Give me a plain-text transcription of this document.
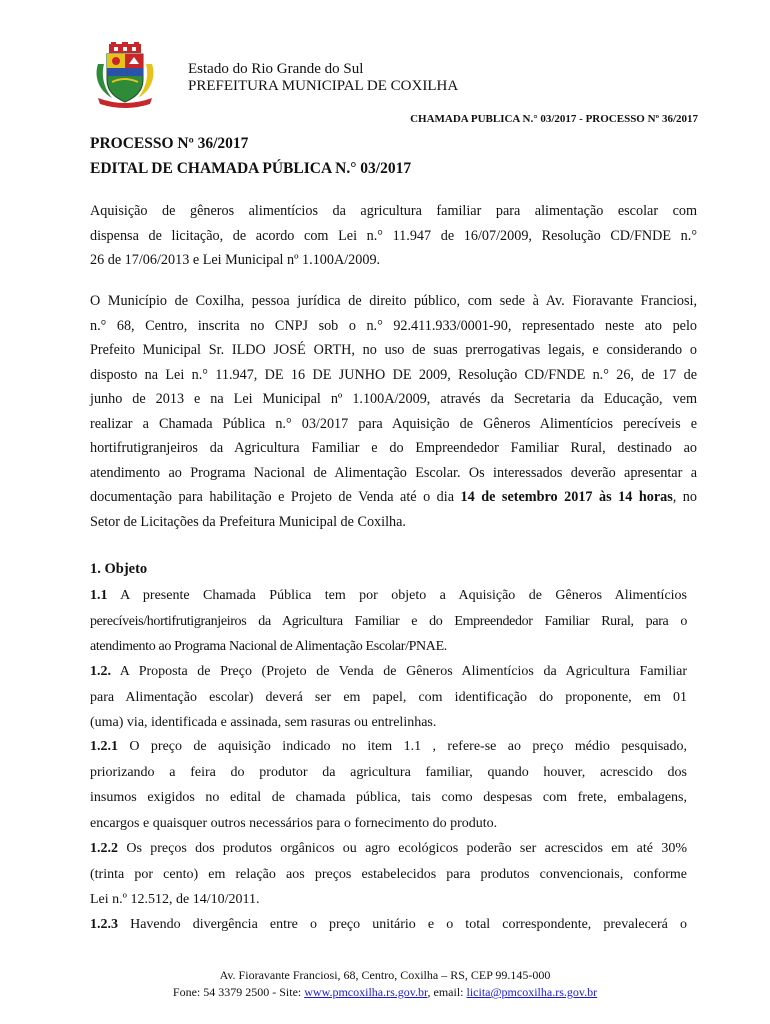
Estado do Rio Grande do Sul
PREFEITURA MUNICIPAL DE COXILHA
CHAMADA PUBLICA N.° 03/2017 - PROCESSO Nº 36/2017
PROCESSO Nº 36/2017
EDITAL DE CHAMADA PÚBLICA N.° 03/2017
Aquisição de gêneros alimentícios da agricultura familiar para alimentação escolar com
dispensa de licitação, de acordo com Lei n.° 11.947 de 16/07/2009, Resolução CD/FNDE n.°
26 de 17/06/2013 e Lei Municipal nº 1.100A/2009.
O Município de Coxilha, pessoa jurídica de direito público, com sede à Av. Fioravante Franciosi,
n.° 68, Centro, inscrita no CNPJ sob o n.° 92.411.933/0001-90, representado neste ato pelo
Prefeito Municipal Sr. ILDO JOSÉ ORTH, no uso de suas prerrogativas legais, e considerando o
disposto na Lei n.° 11.947, DE 16 DE JUNHO DE 2009, Resolução CD/FNDE n.° 26, de 17 de
junho de 2013 e na Lei Municipal nº 1.100A/2009, através da Secretaria da Educação, vem
realizar a Chamada Pública n.° 03/2017 para Aquisição de Gêneros Alimentícios perecíveis e
hortifrutigranjeiros da Agricultura Familiar e do Empreendedor Familiar Rural, destinado ao
atendimento ao Programa Nacional de Alimentação Escolar. Os interessados deverão apresentar a
documentação para habilitação e Projeto de Venda até o dia 14 de setembro 2017 às 14 horas, no
Setor de Licitações da Prefeitura Municipal de Coxilha.
1. Objeto
1.1 A presente Chamada Pública tem por objeto a Aquisição de Gêneros Alimentícios
perecíveis/hortifrutigranjeiros da Agricultura Familiar e do Empreendedor Familiar Rural, para o
atendimento ao Programa Nacional de Alimentação Escolar/PNAE.
1.2. A Proposta de Preço (Projeto de Venda de Gêneros Alimentícios da Agricultura Familiar
para Alimentação escolar) deverá ser em papel, com identificação do proponente, em 01
(uma) via, identificada e assinada, sem rasuras ou entrelinhas.
1.2.1 O preço de aquisição indicado no item 1.1 , refere-se ao preço médio pesquisado,
priorizando a feira do produtor da agricultura familiar, quando houver, acrescido dos
insumos exigidos no edital de chamada pública, tais como despesas com frete, embalagens,
encargos e quaisquer outros necessários para o fornecimento do produto.
1.2.2 Os preços dos produtos orgânicos ou agro ecológicos poderão ser acrescidos em até 30%
(trinta por cento) em relação aos preços estabelecidos para produtos convencionais, conforme
Lei n.º 12.512, de 14/10/2011.
1.2.3 Havendo divergência entre o preço unitário e o total correspondente, prevalecerá o
Av. Fioravante Franciosi, 68, Centro, Coxilha – RS, CEP 99.145-000
Fone: 54 3379 2500 - Site: www.pmcoxilha.rs.gov.br, email: licita@pmcoxilha.rs.gov.br
